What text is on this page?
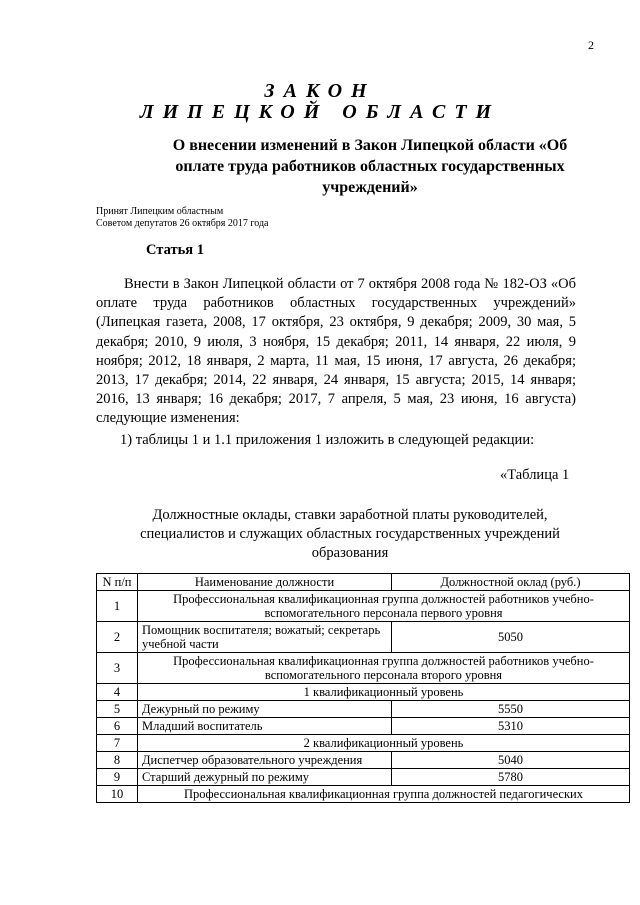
2
ЗАКОН
ЛИПЕЦКОЙ ОБЛАСТИ
О внесении изменений в Закон Липецкой области «Об оплате труда работников областных государственных учреждений»
Принят Липецким областным
Советом депутатов 26 октября 2017 года
Статья 1
Внести в Закон Липецкой области от 7 октября 2008 года № 182-ОЗ «Об оплате труда работников областных государственных учреждений» (Липецкая газета, 2008, 17 октября, 23 октября, 9 декабря; 2009, 30 мая, 5 декабря; 2010, 9 июля, 3 ноября, 15 декабря; 2011, 14 января, 22 июля, 9 ноября; 2012, 18 января, 2 марта, 11 мая, 15 июня, 17 августа, 26 декабря; 2013, 17 декабря; 2014, 22 января, 24 января, 15 августа; 2015, 14 января; 2016, 13 января; 16 декабря; 2017, 7 апреля, 5 мая, 23 июня, 16 августа) следующие изменения:
1) таблицы 1 и 1.1 приложения 1 изложить в следующей редакции:
«Таблица 1
Должностные оклады, ставки заработной платы руководителей, специалистов и служащих областных государственных учреждений образования
N п/п	Наименование должности	Должностной оклад (руб.)
1	Профессиональная квалификационная группа должностей работников учебно-вспомогательного персонала первого уровня	
2	Помощник воспитателя; вожатый; секретарь учебной части	5050
3	Профессиональная квалификационная группа должностей работников учебно-вспомогательного персонала второго уровня	
4	1 квалификационный уровень	
5	Дежурный по режиму	5550
6	Младший воспитатель	5310
7	2 квалификационный уровень	
8	Диспетчер образовательного учреждения	5040
9	Старший дежурный по режиму	5780
10	Профессиональная квалификационная группа должностей педагогических	
